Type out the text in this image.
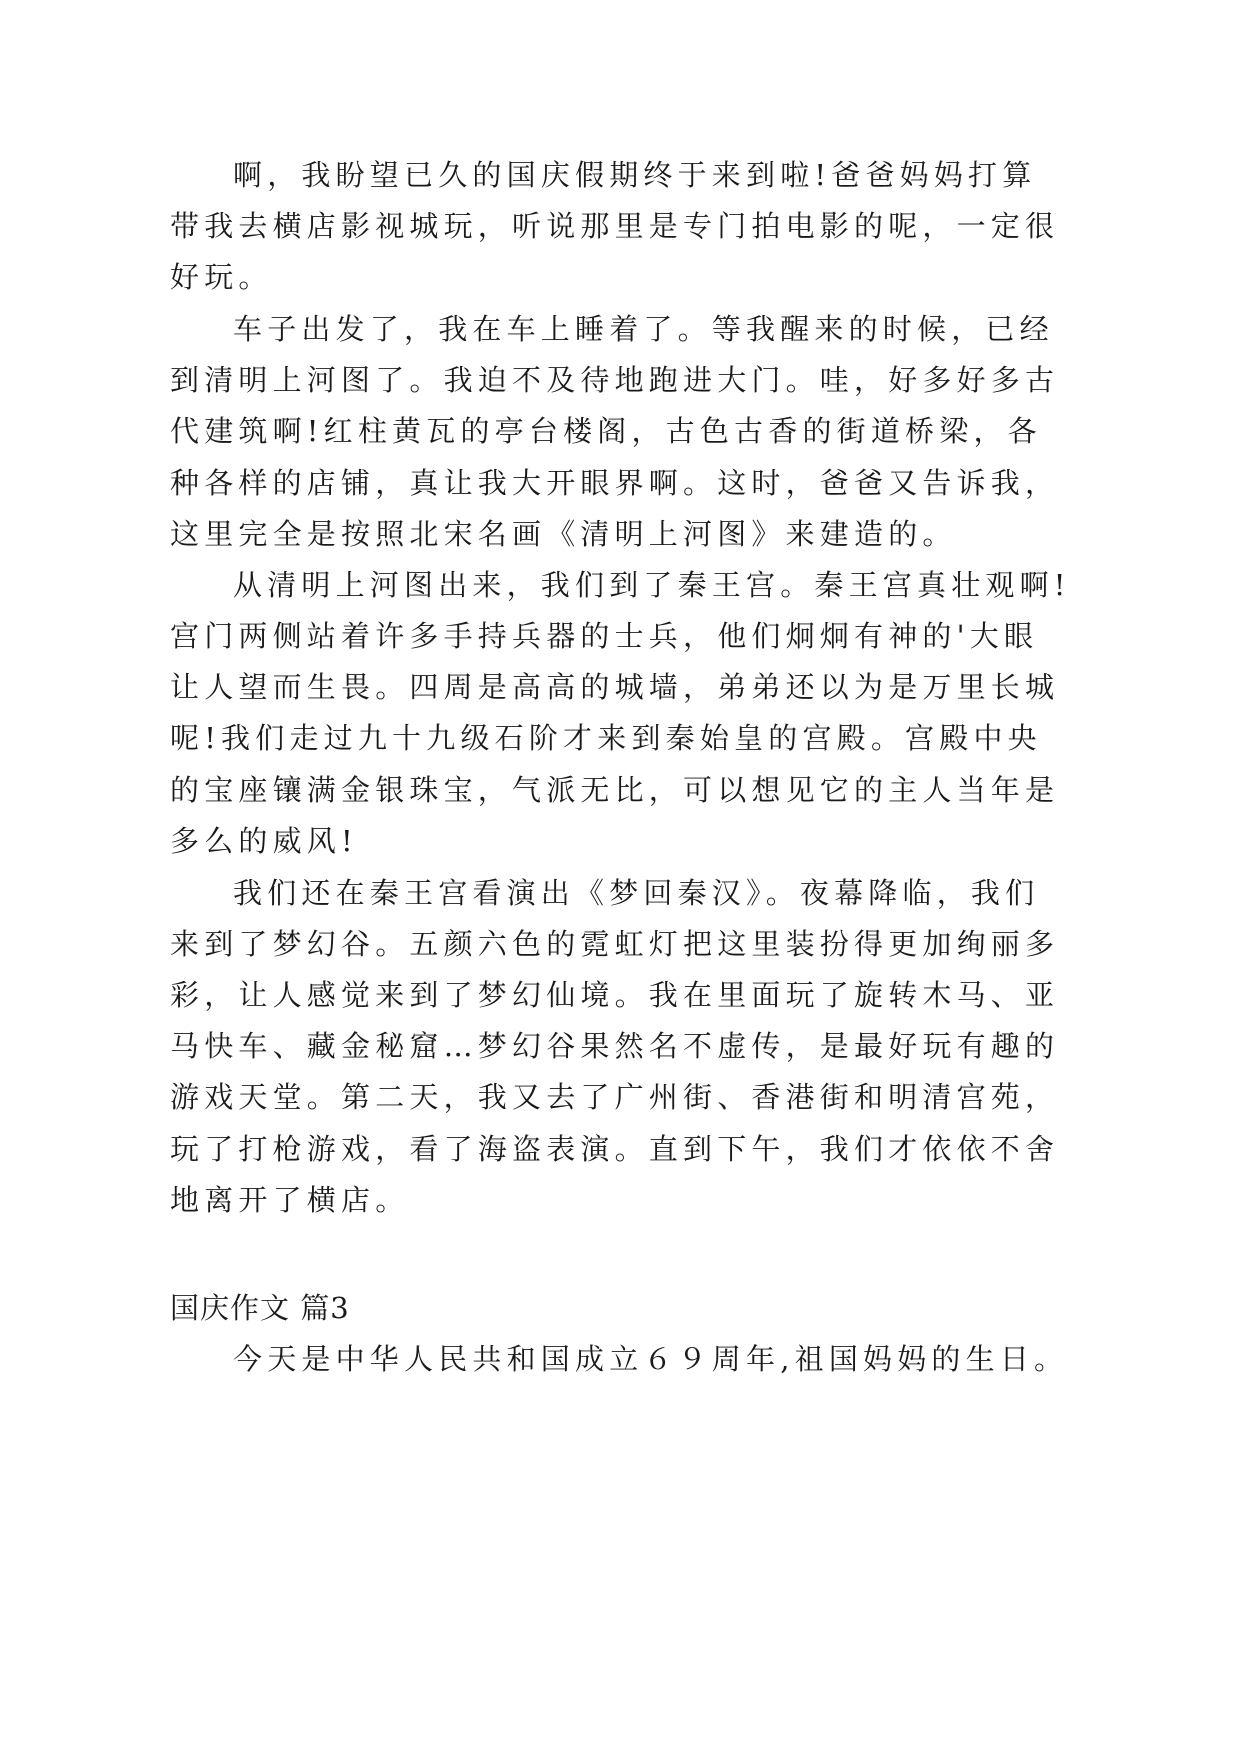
啊，我盼望已久的国庆假期终于来到啦!爸爸妈妈打算
带我去横店影视城玩，听说那里是专门拍电影的呢，一定很
好玩。
车子出发了，我在车上睡着了。等我醒来的时候，已经
到清明上河图了。我迫不及待地跑进大门。哇，好多好多古
代建筑啊!红柱黄瓦的亭台楼阁，古色古香的街道桥梁，各
种各样的店铺，真让我大开眼界啊。这时，爸爸又告诉我，
这里完全是按照北宋名画《清明上河图》来建造的。
从清明上河图出来，我们到了秦王宫。秦王宫真壮观啊!
宫门两侧站着许多手持兵器的士兵，他们炯炯有神的'大眼
让人望而生畏。四周是高高的城墙，弟弟还以为是万里长城
呢!我们走过九十九级石阶才来到秦始皇的宫殿。宫殿中央
的宝座镶满金银珠宝，气派无比，可以想见它的主人当年是
多么的威风!
我们还在秦王宫看演出《梦回秦汉》。夜幕降临，我们
来到了梦幻谷。五颜六色的霓虹灯把这里装扮得更加绚丽多
彩，让人感觉来到了梦幻仙境。我在里面玩了旋转木马、亚
马快车、藏金秘窟…梦幻谷果然名不虚传，是最好玩有趣的
游戏天堂。第二天，我又去了广州街、香港街和明清宫苑，
玩了打枪游戏，看了海盗表演。直到下午，我们才依依不舍
地离开了横店。
国庆作文 篇3
今天是中华人民共和国成立６９周年,祖国妈妈的生日。
